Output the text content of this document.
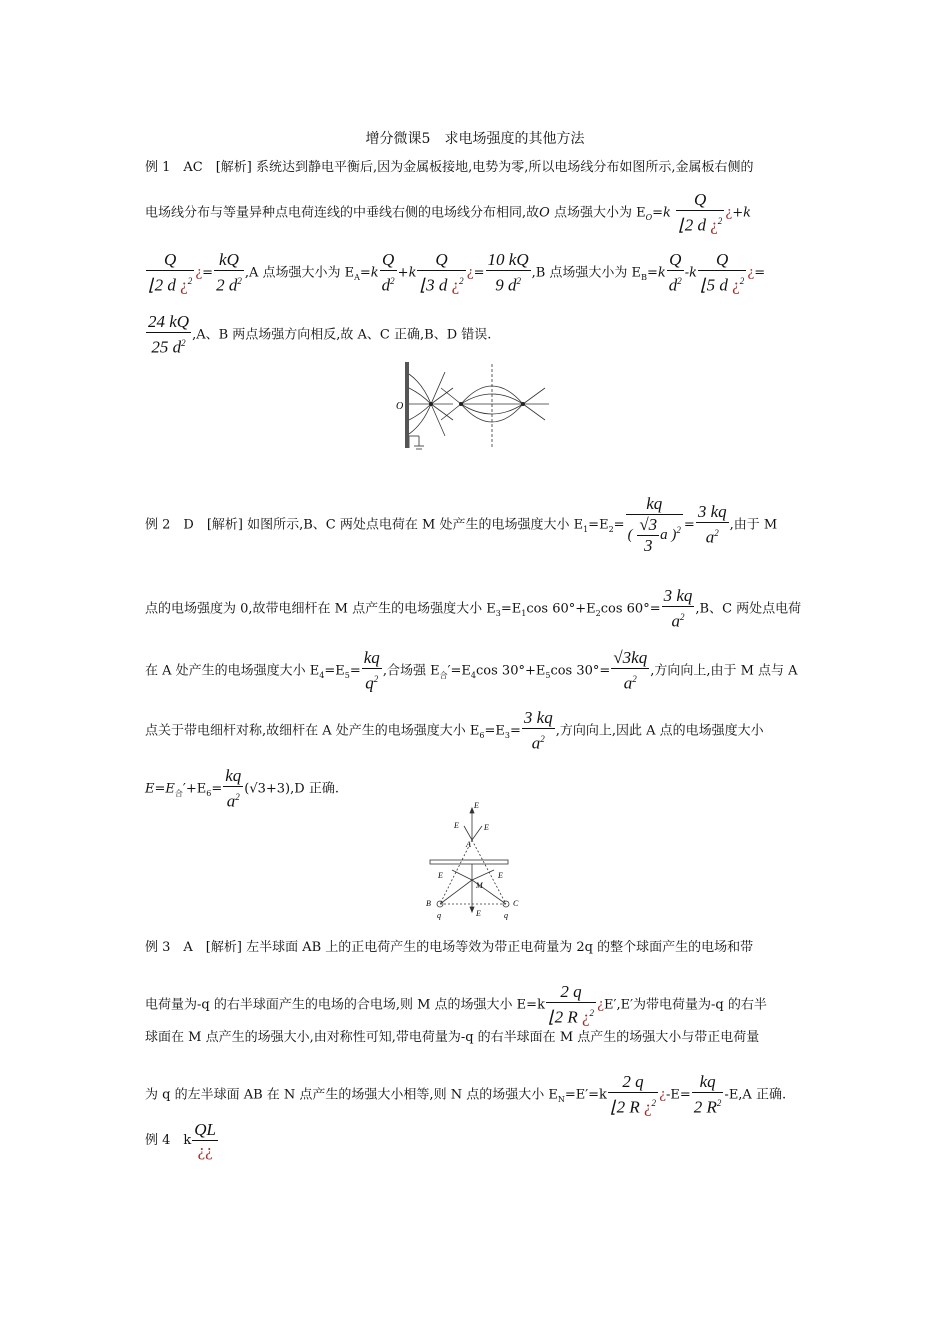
增分微课5　求电场强度的其他方法
例 1　AC　[解析] 系统达到静电平衡后,因为金属板接地,电势为零,所以电场线分布如图所示,金属板右侧的
电场线分布与等量异种点电荷连线的中垂线右侧的电场线分布相同,故O 点场强大小为 $E_O=k \frac{Q}{⌊2 d ¿^2}$ ¿+k
$\frac{Q}{⌊2 d ¿^2}$ ¿= $\frac{kQ}{2 d^2} ,A$ 点场强大小为 $E_A=k \frac{Q}{d^2} +k \frac{Q}{⌊3 d ¿^2}$ ¿= $\frac{10 kQ}{9 d^2} ,B$ 点场强大小为 $E_B=k \frac{Q}{d^2} -k \frac{Q}{⌊5 d ¿^2}$ ¿=
$\frac{24 kQ}{25 d^2} ,A$、B 两点场强方向相反,故 A、C 正确,B、D 错误.
O
例 2　D　[解析] 如图所示,B、C 两处点电荷在 M 处产生的电场强度大小 $E_1=E_2= \frac{kq}{( \frac{√3}{3} a )^2} = \frac{3 kq}{a^2}$ ,由于 M
点的电场强度为 0,故带电细杆在 M 点产生的电场强度大小 $E_3=E_1\cos$ $60^\circ+E_2\cos$ $60^\circ= \frac{3 kq}{a^2} ,B$、C 两处点电荷
在 A 处产生的电场强度大小 $E_4=E_5= \frac{kq}{q^2}$ ,合场强 $E_合'=E_4\cos$ $30^\circ+E_5\cos$ $30^\circ= \frac{√3kq}{a^2}$ ,方向向上,由于 M 点与 A
点关于带电细杆对称,故细杆在 A 处产生的电场强度大小 $E_6=E_3= \frac{3 kq}{a^2}$ ,方向向上,因此 A 点的电场强度大小
$E=E_合'+E_6= \frac{kq}{a^2} (√3+3),D$ 正确.
E
E	E
A
E	E
M
B	C
E
q	q
例 3　A　[解析] 左半球面 AB 上的正电荷产生的电场等效为带正电荷量为 2q 的整个球面产生的电场和带
电荷量为-q 的右半球面产生的电场的合电场,则 M 点的场强大小 $E=k \frac{2 q}{⌊2 R ¿^2}$ ¿E′,E′为带电荷量为-q 的右半
球面在 M 点产生的场强大小,由对称性可知,带电荷量为-q 的右半球面在 M 点产生的场强大小与带正电荷量
为 q 的左半球面 AB 在 N 点产生的场强大小相等,则 N 点的场强大小 $E_N=E'=k \frac{2 q}{⌊2 R ¿^2}$ ¿$-E= \frac{kq}{2 R^2} -E,A$ 正确.
例 4　k $\frac{QL}{¿¿}$
